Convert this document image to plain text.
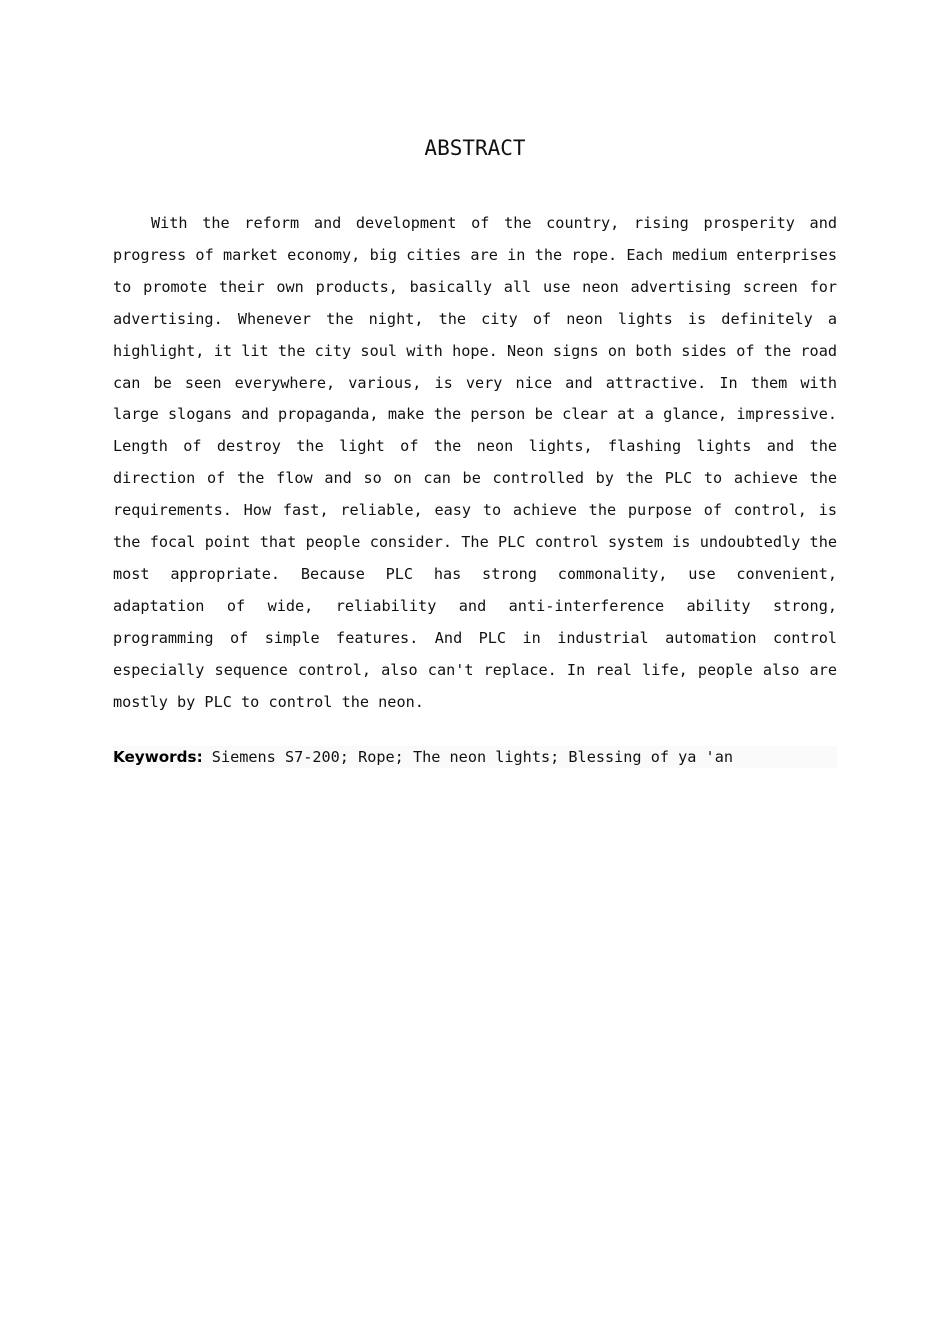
ABSTRACT

With the reform and development of the country, rising prosperity and progress of market economy, big cities are in the rope. Each medium enterprises to promote their own products, basically all use neon advertising screen for advertising. Whenever the night, the city of neon lights is definitely a highlight, it lit the city soul with hope. Neon signs on both sides of the road can be seen everywhere, various, is very nice and attractive. In them with large slogans and propaganda, make the person be clear at a glance, impressive. Length of destroy the light of the neon lights, flashing lights and the direction of the flow and so on can be controlled by the PLC to achieve the requirements. How fast, reliable, easy to achieve the purpose of control, is the focal point that people consider. The PLC control system is undoubtedly the most appropriate. Because PLC has strong commonality, use convenient, adaptation of wide, reliability and anti-interference ability strong, programming of simple features. And PLC in industrial automation control especially sequence control, also can't replace. In real life, people also are mostly by PLC to control the neon.

Keywords: Siemens S7-200; Rope; The neon lights; Blessing of ya 'an
